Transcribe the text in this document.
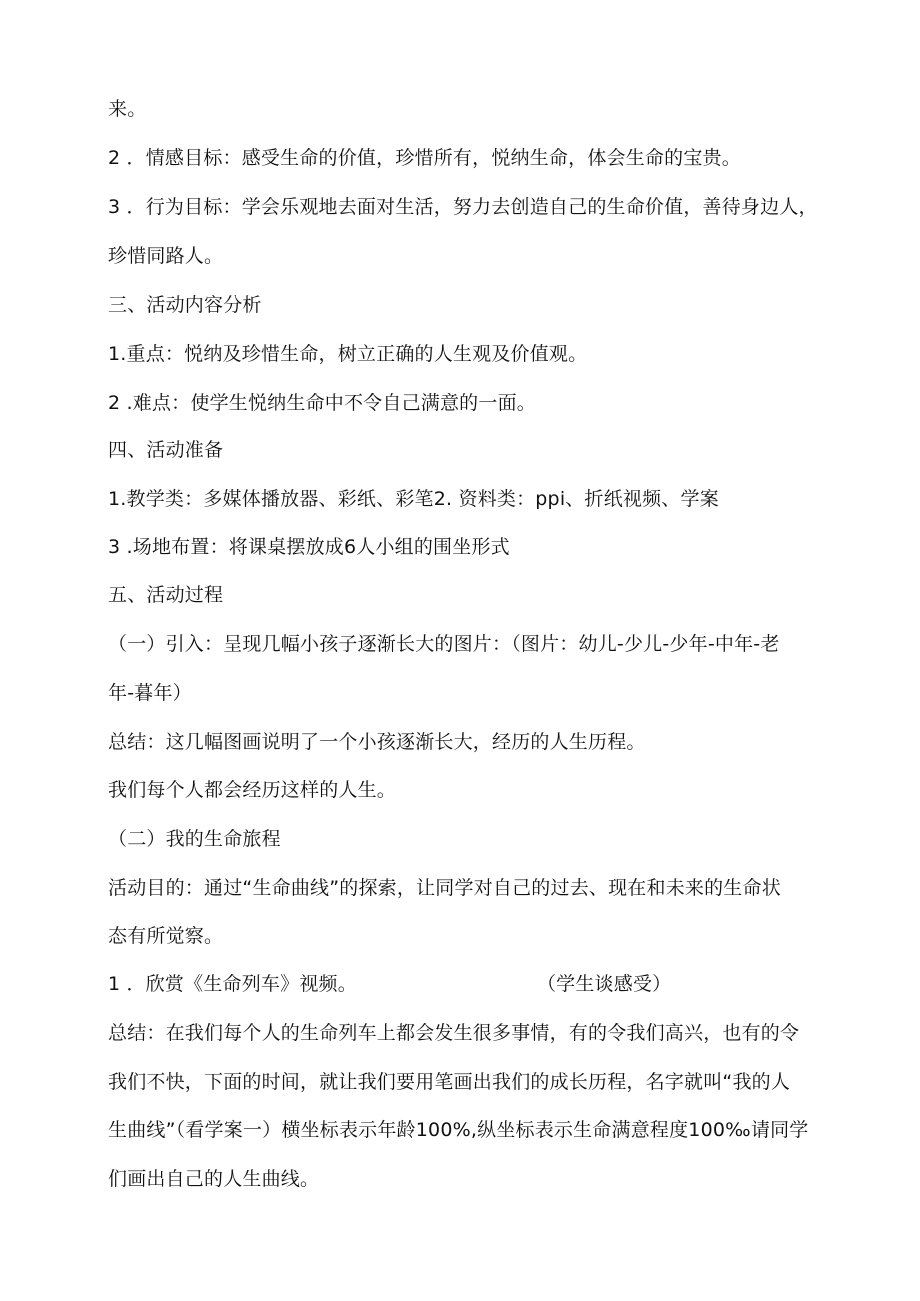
来。

2 ．情感目标：感受生命的价值，珍惜所有，悦纳生命，体会生命的宝贵。

3 ．行为目标：学会乐观地去面对生活，努力去创造自己的生命价值，善待身边人，

珍惜同路人。

三、活动内容分析

1.重点：悦纳及珍惜生命，树立正确的人生观及价值观。

2 .难点：使学生悦纳生命中不令自己满意的一面。

四、活动准备

1.教学类：多媒体播放器、彩纸、彩笔2. 资料类：ppi、折纸视频、学案

3 .场地布置：将课桌摆放成6人小组的围坐形式

五、活动过程

（一）引入：呈现几幅小孩子逐渐长大的图片：（图片：幼儿-少儿-少年-中年-老

年-暮年）

总结：这几幅图画说明了一个小孩逐渐长大，经历的人生历程。

我们每个人都会经历这样的人生。

（二）我的生命旅程

活动目的：通过“生命曲线”的探索，让同学对自己的过去、现在和未来的生命状

态有所觉察。

1 ．欣赏《生命列车》视频。	（学生谈感受）

总结：在我们每个人的生命列车上都会发生很多事情，有的令我们高兴，也有的令

我们不快，下面的时间，就让我们要用笔画出我们的成长历程，名字就叫“我的人

生曲线”（看学案一）横坐标表示年龄100%,纵坐标表示生命满意程度100‰请同学

们画出自己的人生曲线。
